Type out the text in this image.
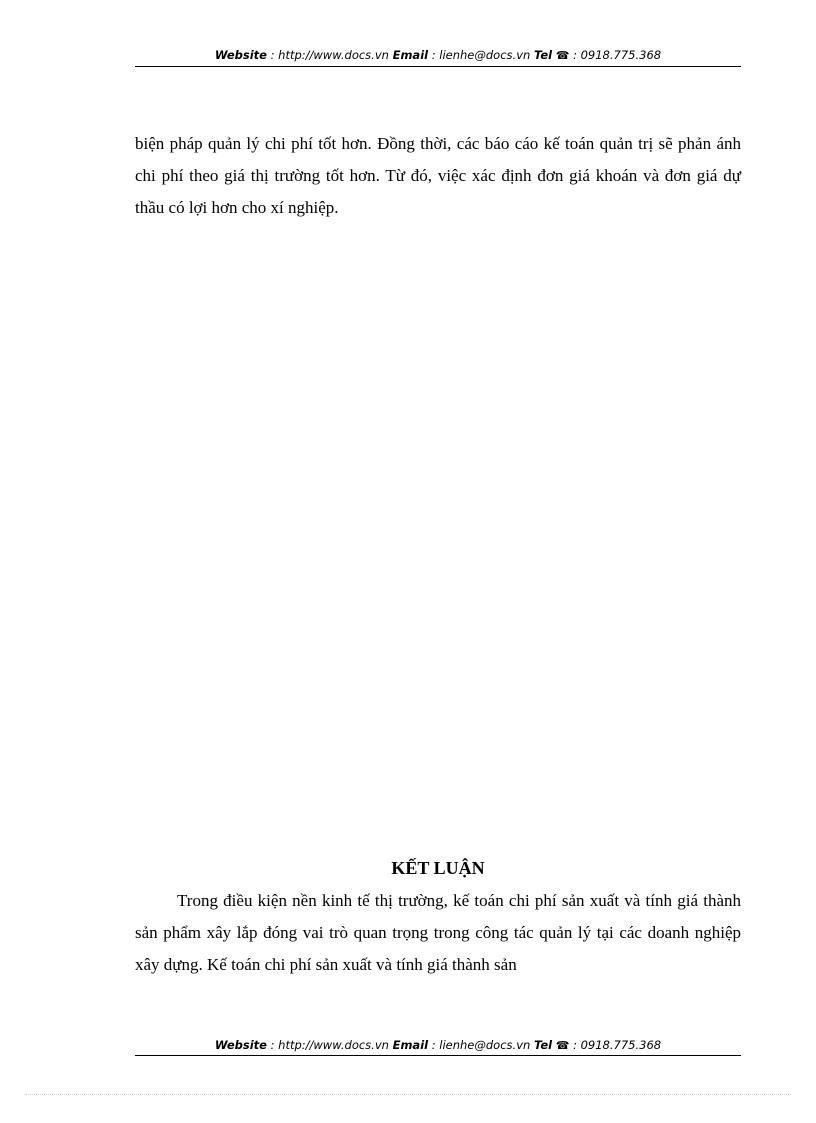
Website : http://www.docs.vn Email : lienhe@docs.vn Tel ☎ : 0918.775.368

biện pháp quản lý chi phí tốt hơn. Đồng thời, các báo cáo kế toán quản trị sẽ phản ánh chi phí theo giá thị trường tốt hơn. Từ đó, việc xác định đơn giá khoán và đơn giá dự thầu có lợi hơn cho xí nghiệp.

KẾT LUẬN

Trong điều kiện nền kinh tế thị trường, kế toán chi phí sản xuất và tính giá thành sản phẩm xây lắp đóng vai trò quan trọng trong công tác quản lý tại các doanh nghiệp xây dựng. Kế toán chi phí sản xuất và tính giá thành sản

Website : http://www.docs.vn Email : lienhe@docs.vn Tel ☎ : 0918.775.368
